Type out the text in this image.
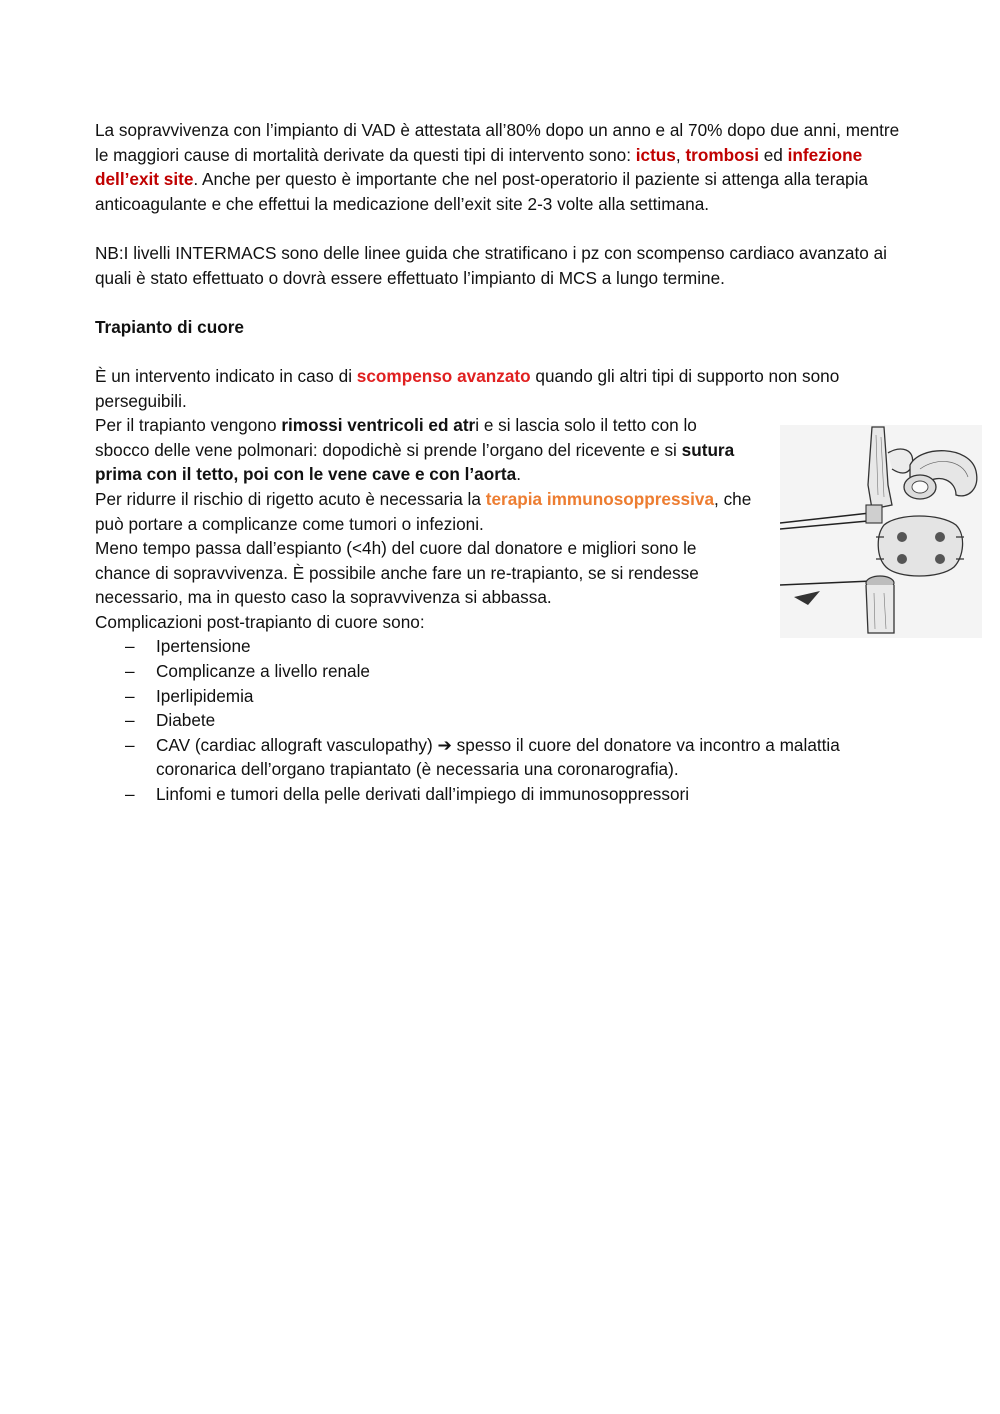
La sopravvivenza con l’impianto di VAD è attestata all’80% dopo un anno e al 70% dopo due anni, mentre le maggiori cause di mortalità derivate da questi tipi di intervento sono: ictus, trombosi ed infezione dell’exit site. Anche per questo è importante che nel post-operatorio il paziente si attenga alla terapia anticoagulante e che effettui la medicazione dell’exit site 2-3 volte alla settimana.

NB:I livelli INTERMACS sono delle linee guida che stratificano i pz con scompenso cardiaco avanzato ai quali è stato effettuato o dovrà essere effettuato l’impianto di MCS a lungo termine.

Trapianto di cuore

È un intervento indicato in caso di scompenso avanzato quando gli altri tipi di supporto non sono perseguibili.

Per il trapianto vengono rimossi ventricoli ed atri e si lascia solo il tetto con lo sbocco delle vene polmonari: dopodichè si prende l’organo del ricevente e si sutura prima con il tetto, poi con le vene cave e con l’aorta.

Per ridurre il rischio di rigetto acuto è necessaria la terapia immunosoppressiva, che può portare a complicanze come tumori o infezioni.

Meno tempo passa dall’espianto (<4h) del cuore dal donatore e migliori sono le chance di sopravvivenza. È possibile anche fare un re-trapianto, se si rendesse necessario, ma in questo caso la sopravvivenza si abbassa.

Complicazioni post-trapianto di cuore sono:

– Ipertensione
– Complicanze a livello renale
– Iperlipidemia
– Diabete
– CAV (cardiac allograft vasculopathy) ➔ spesso il cuore del donatore va incontro a malattia coronarica dell’organo trapiantato (è necessaria una coronarografia).
– Linfomi e tumori della pelle derivati dall’impiego di immunosoppressori
